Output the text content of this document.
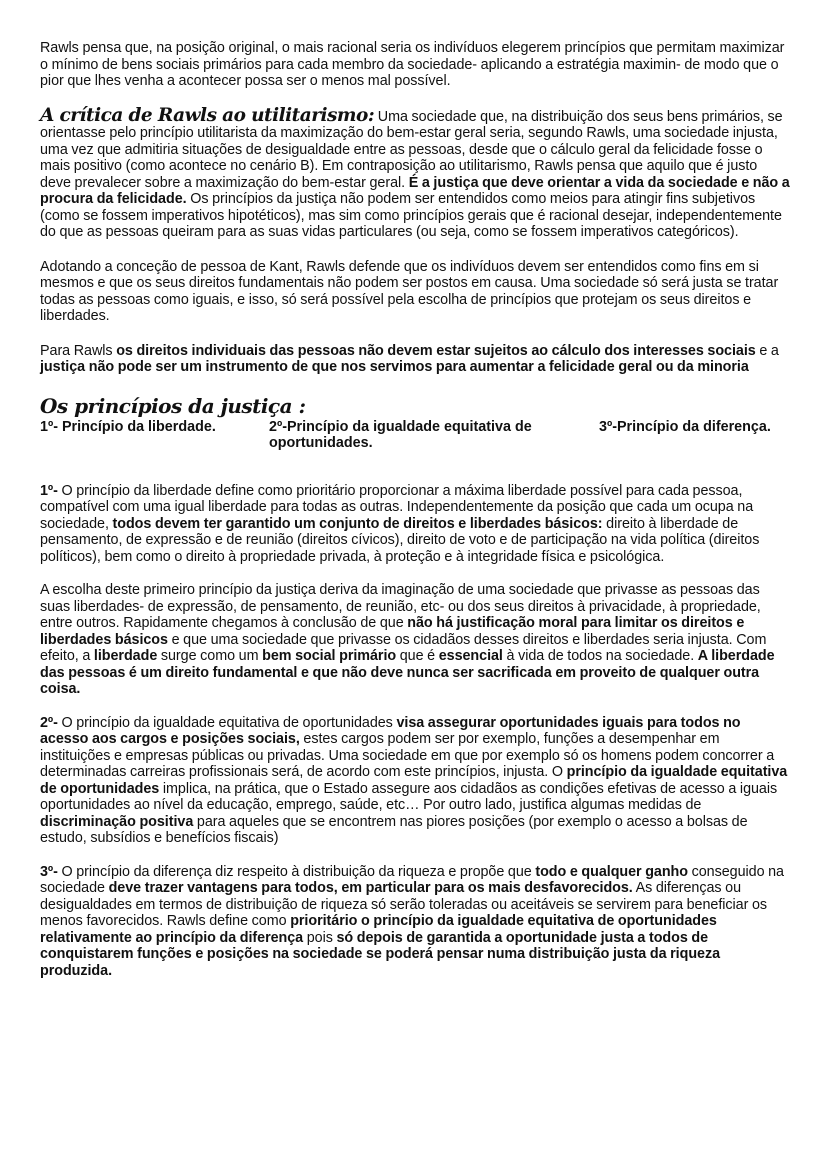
Rawls pensa que, na posição original, o mais racional seria os indivíduos elegerem princípios que permitam maximizar o mínimo de bens sociais primários para cada membro da sociedade- aplicando a estratégia maximin- de modo que o pior que lhes venha a acontecer possa ser o menos mal possível.

A crítica de Rawls ao utilitarismo: Uma sociedade que, na distribuição dos seus bens primários, se orientasse pelo princípio utilitarista da maximização do bem-estar geral seria, segundo Rawls, uma sociedade injusta, uma vez que admitiria situações de desigualdade entre as pessoas, desde que o cálculo geral da felicidade fosse o mais positivo (como acontece no cenário B). Em contraposição ao utilitarismo, Rawls pensa que aquilo que é justo deve prevalecer sobre a maximização do bem-estar geral. É a justiça que deve orientar a vida da sociedade e não a procura da felicidade. Os princípios da justiça não podem ser entendidos como meios para atingir fins subjetivos (como se fossem imperativos hipotéticos), mas sim como princípios gerais que é racional desejar, independentemente do que as pessoas queiram para as suas vidas particulares (ou seja, como se fossem imperativos categóricos).

Adotando a conceção de pessoa de Kant, Rawls defende que os indivíduos devem ser entendidos como fins em si mesmos e que os seus direitos fundamentais não podem ser postos em causa. Uma sociedade só será justa se tratar todas as pessoas como iguais, e isso, só será possível pela escolha de princípios que protejam os seus direitos e liberdades.

Para Rawls os direitos individuais das pessoas não devem estar sujeitos ao cálculo dos interesses sociais e a justiça não pode ser um instrumento de que nos servimos para aumentar a felicidade geral ou da minoria

Os princípios da justiça :
1º- Princípio da liberdade.	2º-Princípio da igualdade equitativa de oportunidades.
3º-Princípio da diferença.

1º- O princípio da liberdade define como prioritário proporcionar a máxima liberdade possível para cada pessoa, compatível com uma igual liberdade para todas as outras. Independentemente da posição que cada um ocupa na sociedade, todos devem ter garantido um conjunto de direitos e liberdades básicos: direito à liberdade de pensamento, de expressão e de reunião (direitos cívicos), direito de voto e de participação na vida política (direitos políticos), bem como o direito à propriedade privada, à proteção e à integridade física e psicológica.

A escolha deste primeiro princípio da justiça deriva da imaginação de uma sociedade que privasse as pessoas das suas liberdades- de expressão, de pensamento, de reunião, etc- ou dos seus direitos à privacidade, à propriedade, entre outros. Rapidamente chegamos à conclusão de que não há justificação moral para limitar os direitos e liberdades básicos e que uma sociedade que privasse os cidadãos desses direitos e liberdades seria injusta. Com efeito, a liberdade surge como um bem social primário que é essencial à vida de todos na sociedade. A liberdade das pessoas é um direito fundamental e que não deve nunca ser sacrificada em proveito de qualquer outra coisa.

2º- O princípio da igualdade equitativa de oportunidades visa assegurar oportunidades iguais para todos no acesso aos cargos e posições sociais, estes cargos podem ser por exemplo, funções a desempenhar em instituições e empresas públicas ou privadas. Uma sociedade em que por exemplo só os homens podem concorrer a determinadas carreiras profissionais será, de acordo com este princípios, injusta. O princípio da igualdade equitativa de oportunidades implica, na prática, que o Estado assegure aos cidadãos as condições efetivas de acesso a iguais oportunidades ao nível da educação, emprego, saúde, etc… Por outro lado, justifica algumas medidas de discriminação positiva para aqueles que se encontrem nas piores posições (por exemplo o acesso a bolsas de estudo, subsídios e benefícios fiscais)

3º- O princípio da diferença diz respeito à distribuição da riqueza e propõe que todo e qualquer ganho conseguido na sociedade deve trazer vantagens para todos, em particular para os mais desfavorecidos. As diferenças ou desigualdades em termos de distribuição de riqueza só serão toleradas ou aceitáveis se servirem para beneficiar os menos favorecidos. Rawls define como prioritário o princípio da igualdade equitativa de oportunidades relativamente ao princípio da diferença pois só depois de garantida a oportunidade justa a todos de conquistarem funções e posições na sociedade se poderá pensar numa distribuição justa da riqueza produzida.
